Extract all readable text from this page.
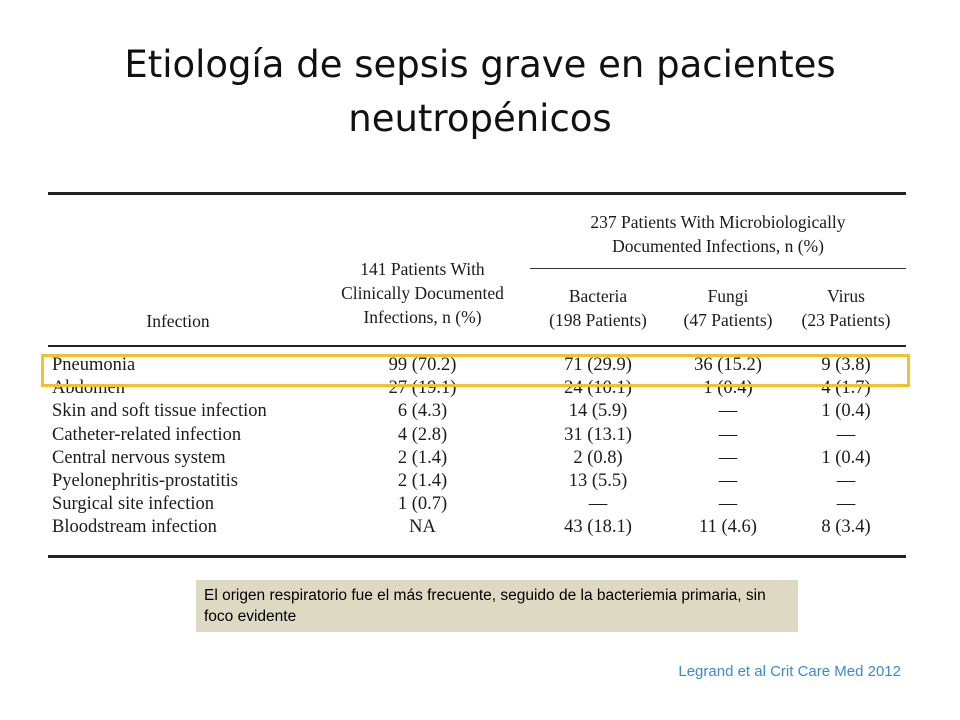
Etiología de sepsis grave en pacientes neutropénicos
237 Patients With Microbiologically
Documented Infections, n (%)
141 Patients With
Clinically Documented
Infections, n (%)
Infection
Bacteria
(198 Patients)
Fungi
(47 Patients)
Virus
(23 Patients)
Pneumonia
Abdomen
Skin and soft tissue infection
Catheter-related infection
Central nervous system
Pyelonephritis-prostatitis
Surgical site infection
Bloodstream infection
99 (70.2)
27 (19.1)
6 (4.3)
4 (2.8)
2 (1.4)
2 (1.4)
1 (0.7)
NA
71 (29.9)
24 (10.1)
14 (5.9)
31 (13.1)
2 (0.8)
13 (5.5)
—
43 (18.1)
36 (15.2)
1 (0.4)
—
—
—
—
—
11 (4.6)
9 (3.8)
4 (1.7)
1 (0.4)
—
1 (0.4)
—
—
8 (3.4)
El origen respiratorio fue el más frecuente, seguido de la bacteriemia primaria, sin foco evidente
Legrand et al Crit Care Med 2012
